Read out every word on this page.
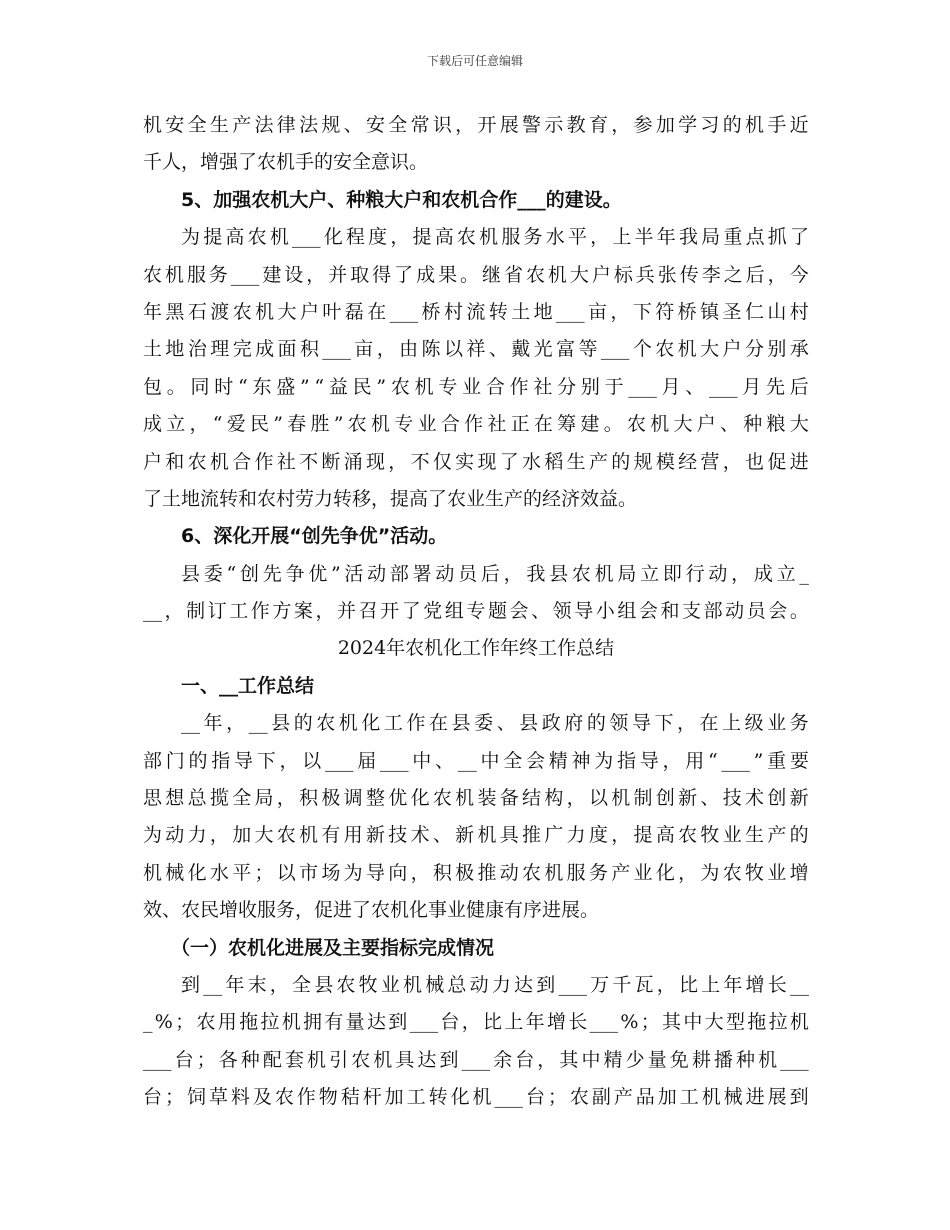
下载后可任意编辑
机 安 全 生 产 法 律 法 规 、 安 全 常 识 ， 开 展 警 示 教 育 ， 参 加 学 习 的 机 手 近
千人，增强了农机手的安全意识。
5、加强农机大户、种粮大户和农机合作___的建设。
为 提 高 农 机 ___ 化 程 度 ， 提 高 农 机 服 务 水 平 ， 上 半 年 我 局 重 点 抓 了
农 机 服 务 ___ 建 设 ， 并 取 得 了 成 果 。 继 省 农 机 大 户 标 兵 张 传 李 之 后 ， 今
年 黑 石 渡 农 机 大 户 叶 磊 在 ___ 桥 村 流 转 土 地 ___ 亩 ， 下 符 桥 镇 圣 仁 山 村
土 地 治 理 完 成 面 积 ___ 亩 ， 由 陈 以 祥 、 戴 光 富 等 ___ 个 农 机 大 户 分 别 承
包 。 同 时 “ 东 盛 ” “ 益 民 ” 农 机 专 业 合 作 社 分 别 于 ___ 月 、 ___ 月 先 后
成 立 ， “ 爱 民 ” 春 胜 ” 农 机 专 业 合 作 社 正 在 筹 建 。 农 机 大 户 、 种 粮 大
户 和 农 机 合 作 社 不 断 涌 现 ， 不 仅 实 现 了 水 稻 生 产 的 规 模 经 营 ， 也 促 进
了土地流转和农村劳力转移，提高了农业生产的经济效益。
6、深化开展“创先争优”活动。
县 委 “ 创 先 争 优 ” 活 动 部 署 动 员 后 ， 我 县 农 机 局 立 即 行 动 ， 成 立 _
__ ， 制 订 工 作 方 案 ， 并 召 开 了 党 组 专 题 会 、 领 导 小 组 会 和 支 部 动 员 会 。
2024年农机化工作年终工作总结
一、__工作总结
__ 年 ， __ 县 的 农 机 化 工 作 在 县 委 、 县 政 府 的 领 导 下 ， 在 上 级 业 务
部 门 的 指 导 下 ， 以 ___ 届 ___ 中 、 __ 中 全 会 精 神 为 指 导 ， 用 “ ___ ” 重 要
思 想 总 揽 全 局 ， 积 极 调 整 优 化 农 机 装 备 结 构 ， 以 机 制 创 新 、 技 术 创 新
为 动 力 ， 加 大 农 机 有 用 新 技 术 、 新 机 具 推 广 力 度 ， 提 高 农 牧 业 生 产 的
机 械 化 水 平 ； 以 市 场 为 导 向 ， 积 极 推 动 农 机 服 务 产 业 化 ， 为 农 牧 业 增
效、农民增收服务，促进了农机化事业健康有序进展。
（一）农机化进展及主要指标完成情况
到 __ 年 末 ， 全 县 农 牧 业 机 械 总 动 力 达 到 ___ 万 千 瓦 ， 比 上 年 增 长 __
_ % ； 农 用 拖 拉 机 拥 有 量 达 到 ___ 台 ， 比 上 年 增 长 ___ % ； 其 中 大 型 拖 拉 机
___ 台 ； 各 种 配 套 机 引 农 机 具 达 到 ___ 余 台 ， 其 中 精 少 量 免 耕 播 种 机 ___
台 ； 饲 草 料 及 农 作 物 秸 杆 加 工 转 化 机 ___ 台 ； 农 副 产 品 加 工 机 械 进 展 到
